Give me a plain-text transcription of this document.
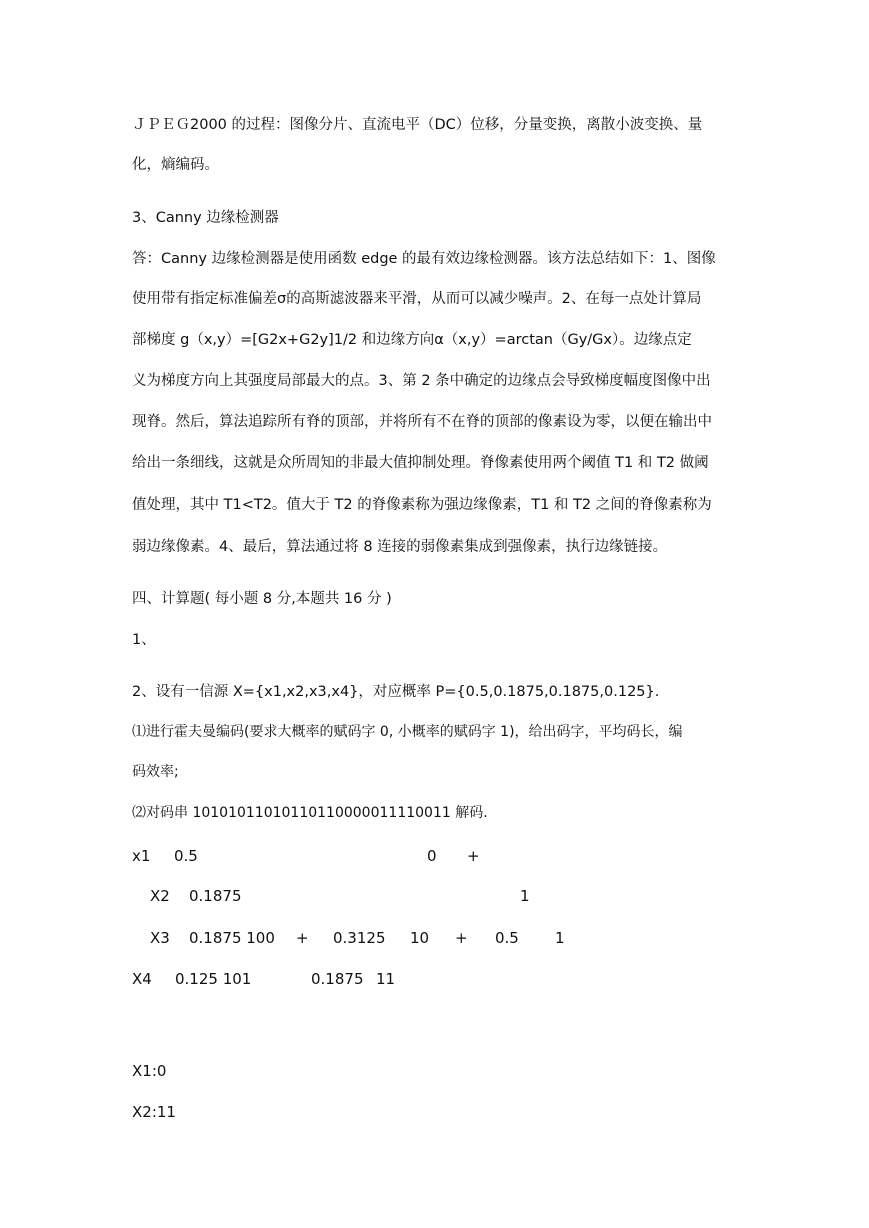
ＪＰＥＧ2000 的过程：图像分片、直流电平（DC）位移，分量变换，离散小波变换、量
化，熵编码。
3、Canny 边缘检测器
答：Canny 边缘检测器是使用函数 edge 的最有效边缘检测器。该方法总结如下：1、图像
使用带有指定标准偏差σ的高斯滤波器来平滑，从而可以减少噪声。2、在每一点处计算局
部梯度 g（x,y）=[G2x+G2y]1/2 和边缘方向α（x,y）=arctan（Gy/Gx）。边缘点定
义为梯度方向上其强度局部最大的点。3、第 2 条中确定的边缘点会导致梯度幅度图像中出
现脊。然后，算法追踪所有脊的顶部，并将所有不在脊的顶部的像素设为零，以便在输出中
给出一条细线，这就是众所周知的非最大值抑制处理。脊像素使用两个阈值 T1 和 T2 做阈
值处理，其中 T1<T2。值大于 T2 的脊像素称为强边缘像素，T1 和 T2 之间的脊像素称为
弱边缘像素。4、最后，算法通过将 8 连接的弱像素集成到强像素，执行边缘链接。
四、计算题( 每小题 8 分,本题共 16 分 )
1、
2、设有一信源 X={x1,x2,x3,x4}，对应概率 P={0.5,0.1875,0.1875,0.125}.
⑴进行霍夫曼编码(要求大概率的赋码字 0, 小概率的赋码字 1)，给出码字，平均码长，编
码效率;
⑵对码串 10101011010110110000011110011 解码.
x1 0.5	0 +
X2 0.1875	1
X3 0.1875 100 + 0.3125 10 + 0.5 1
X4 0.125 101	0.1875 11
X1:0
X2:11
